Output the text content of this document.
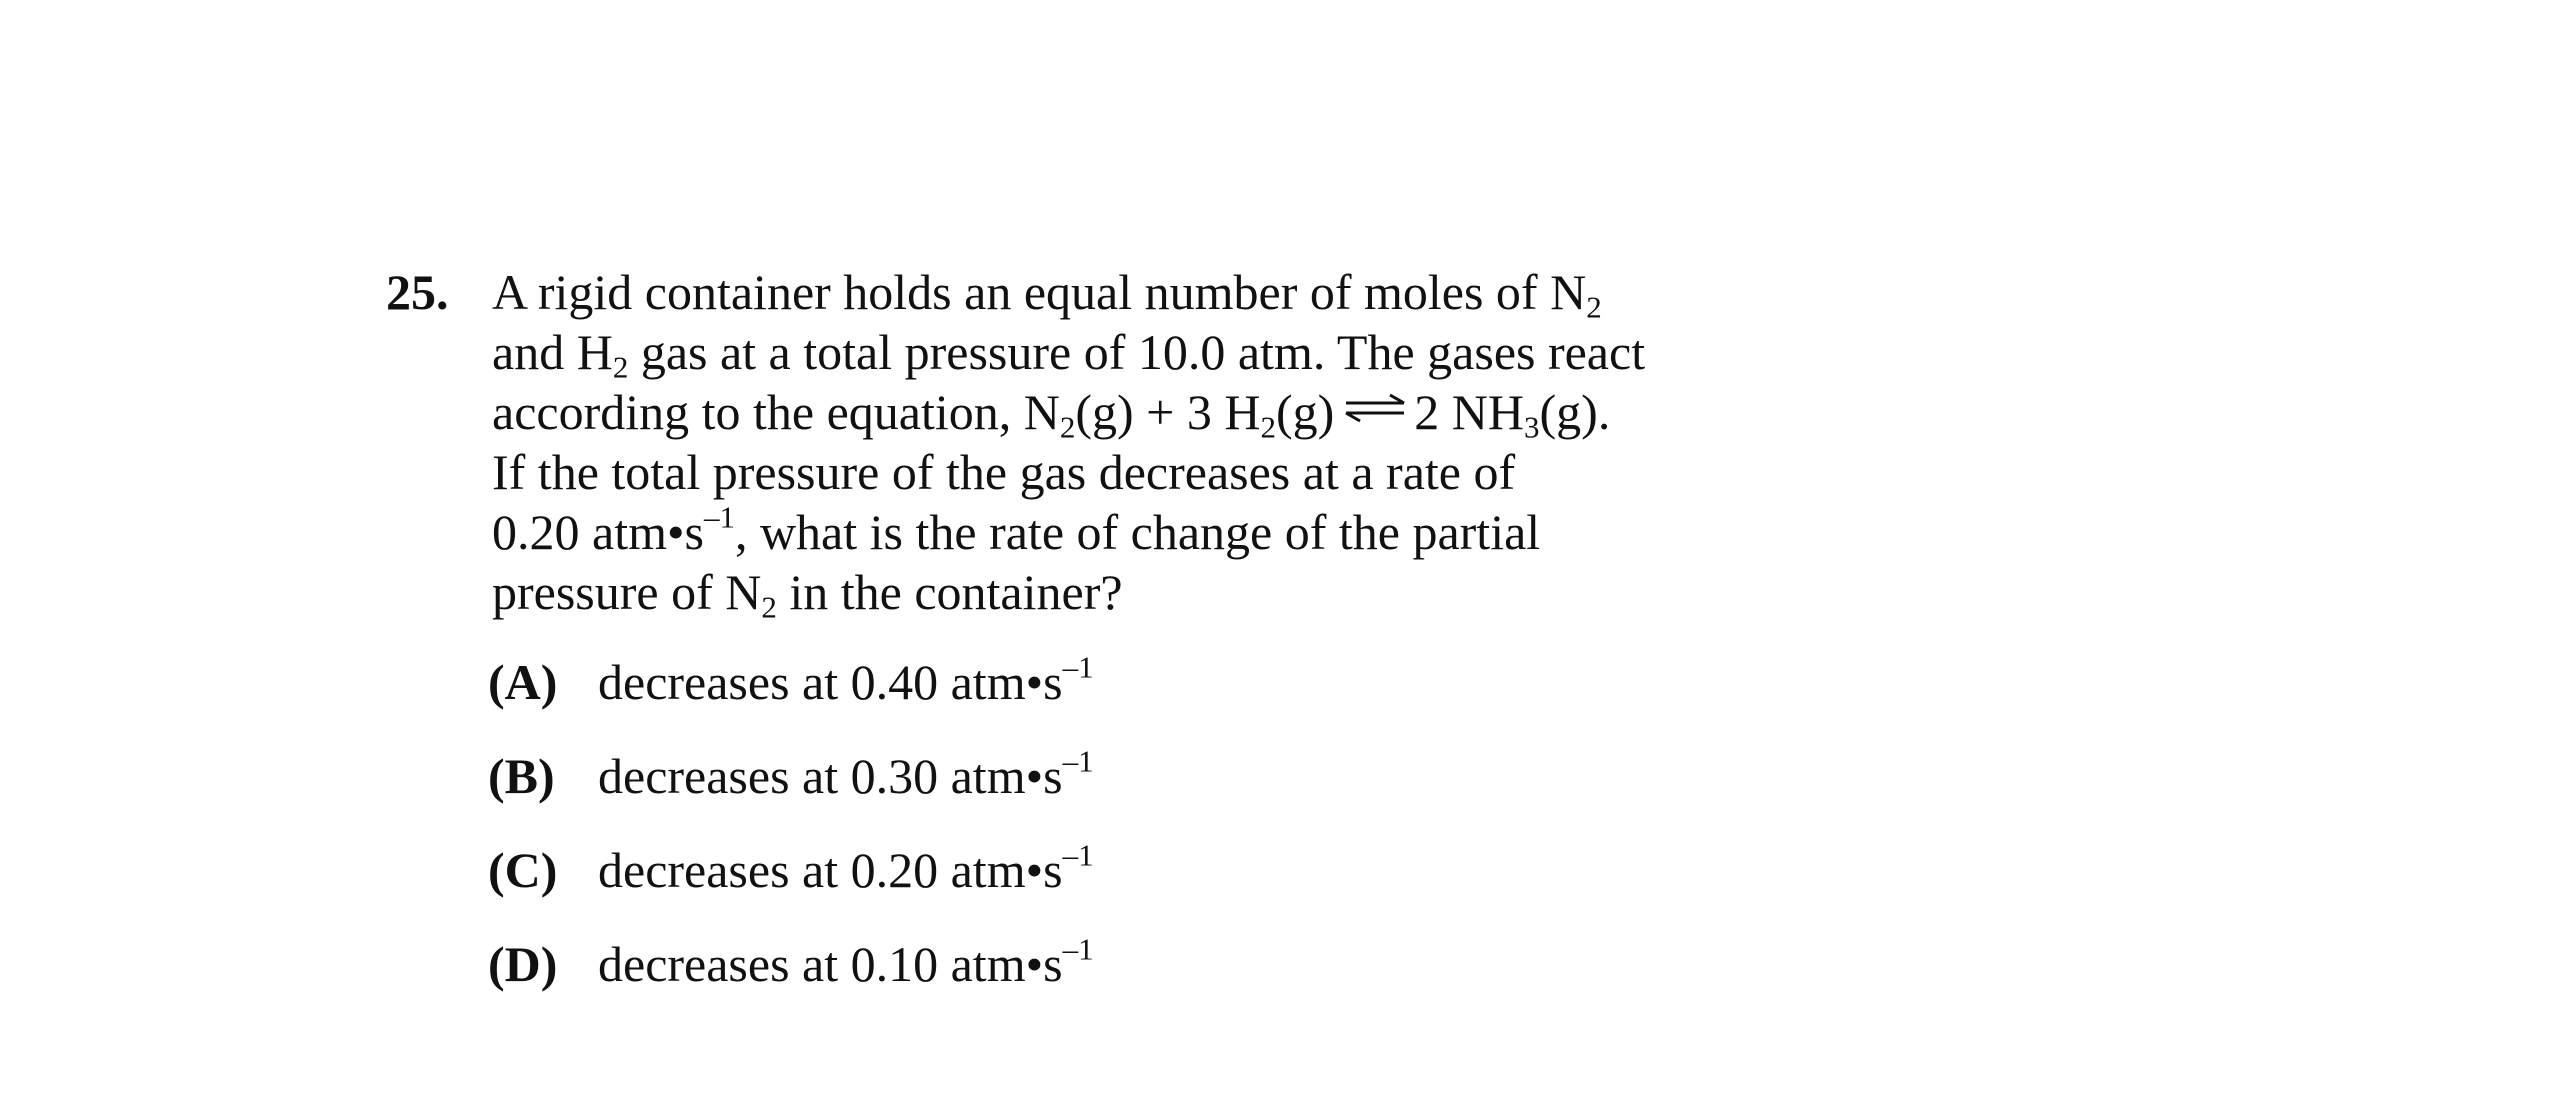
25. A rigid container holds an equal number of moles of $N_2$
and $H_2$ gas at a total pressure of 10.0 atm. The gases react
according to the equation, $N_2(g) + 3$ $H_2(g)$ ⇌ 2 $NH_3(g)$.
If the total pressure of the gas decreases at a rate of
0.20 $atm•s^{-1}$, what is the rate of change of the partial
pressure of $N_2$ in the container?
(A) decreases at 0.40 $atm•s^{-1}$
(B) decreases at 0.30 $atm•s^{-1}$
(C) decreases at 0.20 $atm•s^{-1}$
(D) decreases at 0.10 $atm•s^{-1}$
